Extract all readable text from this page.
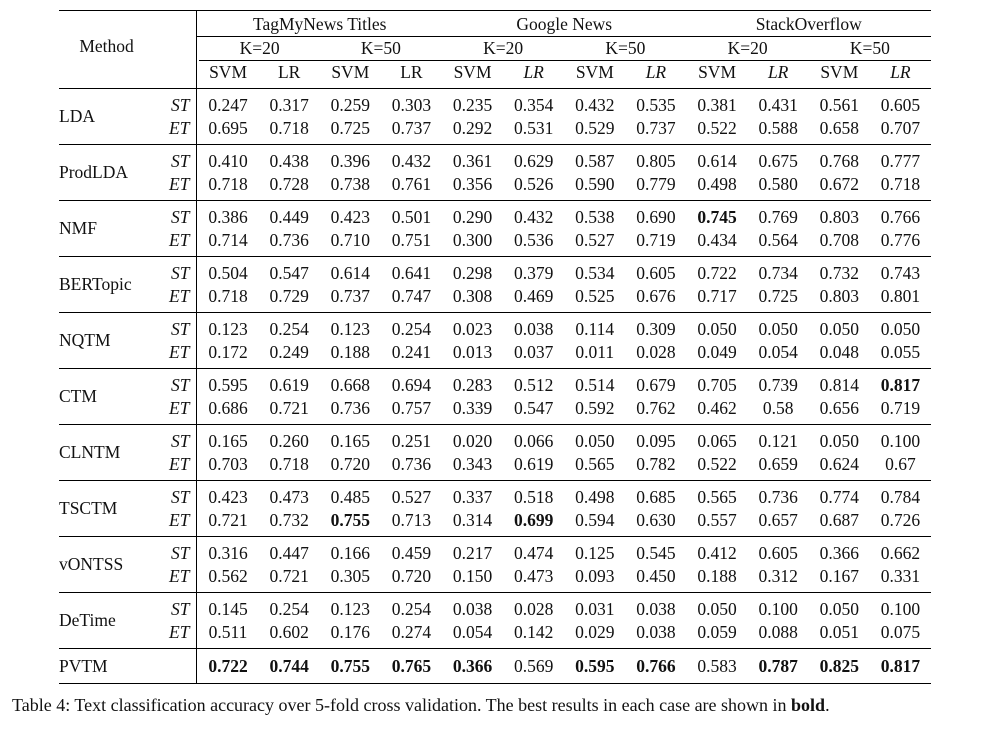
Method		TagMyNews Titles				Google News				StackOverflow			

		K=20		K=50		K=20		K=50		K=20		K=50	

		SVM	LR	SVM	LR	SVM	LR	SVM	LR	SVM	LR	SVM	LR
LDA	ST	0.247	0.317	0.259	0.303	0.235	0.354	0.432	0.535	0.381	0.431	0.561	0.605
	ET	0.695	0.718	0.725	0.737	0.292	0.531	0.529	0.737	0.522	0.588	0.658	0.707
ProdLDA	ST	0.410	0.438	0.396	0.432	0.361	0.629	0.587	0.805	0.614	0.675	0.768	0.777
	ET	0.718	0.728	0.738	0.761	0.356	0.526	0.590	0.779	0.498	0.580	0.672	0.718
NMF	ST	0.386	0.449	0.423	0.501	0.290	0.432	0.538	0.690	0.745	0.769	0.803	0.766
	ET	0.714	0.736	0.710	0.751	0.300	0.536	0.527	0.719	0.434	0.564	0.708	0.776
BERTopic	ST	0.504	0.547	0.614	0.641	0.298	0.379	0.534	0.605	0.722	0.734	0.732	0.743
	ET	0.718	0.729	0.737	0.747	0.308	0.469	0.525	0.676	0.717	0.725	0.803	0.801
NQTM	ST	0.123	0.254	0.123	0.254	0.023	0.038	0.114	0.309	0.050	0.050	0.050	0.050
	ET	0.172	0.249	0.188	0.241	0.013	0.037	0.011	0.028	0.049	0.054	0.048	0.055
CTM	ST	0.595	0.619	0.668	0.694	0.283	0.512	0.514	0.679	0.705	0.739	0.814	0.817
	ET	0.686	0.721	0.736	0.757	0.339	0.547	0.592	0.762	0.462	0.58	0.656	0.719
CLNTM	ST	0.165	0.260	0.165	0.251	0.020	0.066	0.050	0.095	0.065	0.121	0.050	0.100
	ET	0.703	0.718	0.720	0.736	0.343	0.619	0.565	0.782	0.522	0.659	0.624	0.67
TSCTM	ST	0.423	0.473	0.485	0.527	0.337	0.518	0.498	0.685	0.565	0.736	0.774	0.784
	ET	0.721	0.732	0.755	0.713	0.314	0.699	0.594	0.630	0.557	0.657	0.687	0.726
vONTSS	ST	0.316	0.447	0.166	0.459	0.217	0.474	0.125	0.545	0.412	0.605	0.366	0.662
	ET	0.562	0.721	0.305	0.720	0.150	0.473	0.093	0.450	0.188	0.312	0.167	0.331
DeTime	ST	0.145	0.254	0.123	0.254	0.038	0.028	0.031	0.038	0.050	0.100	0.050	0.100
	ET	0.511	0.602	0.176	0.274	0.054	0.142	0.029	0.038	0.059	0.088	0.051	0.075
PVTM		0.722	0.744	0.755	0.765	0.366	0.569	0.595	0.766	0.583	0.787	0.825	0.817
Table 4: Text classification accuracy over 5-fold cross validation. The best results in each case are shown in bold.
